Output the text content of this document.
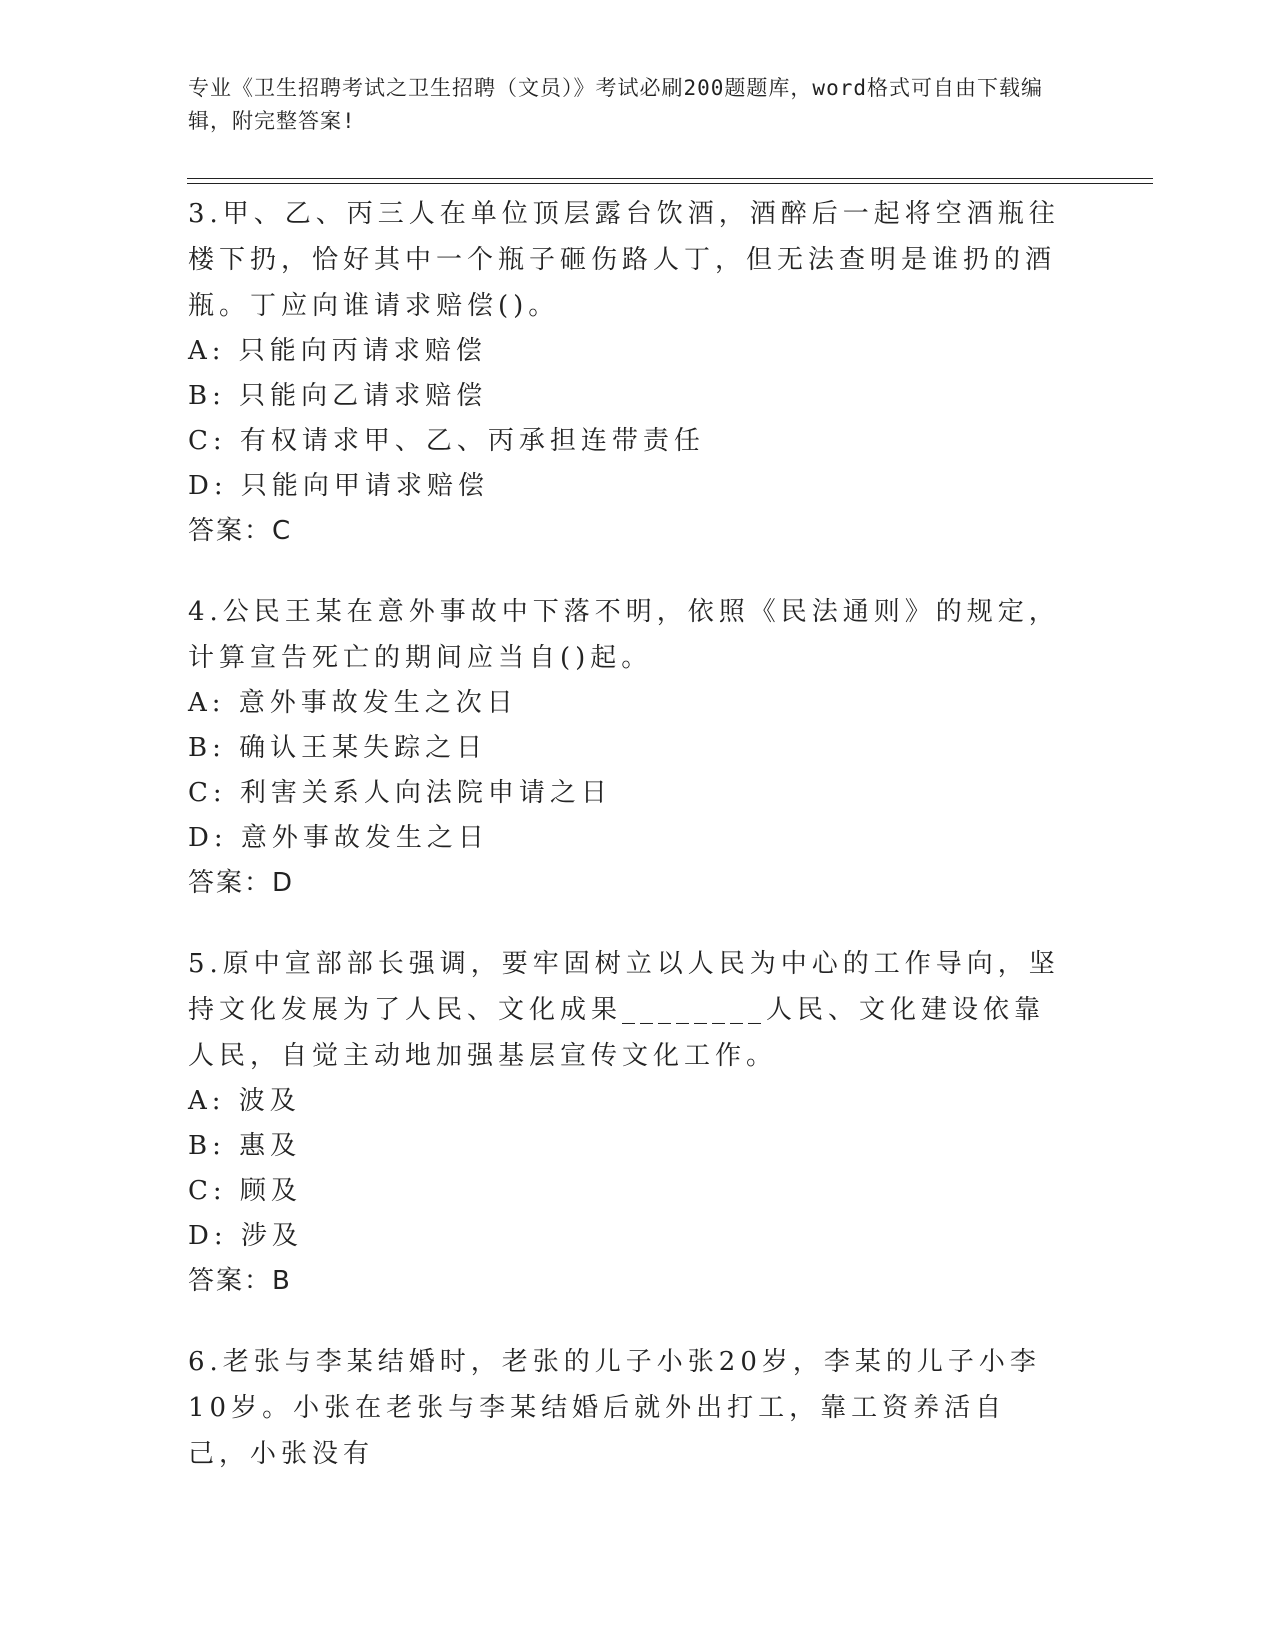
专业《卫生招聘考试之卫生招聘（文员）》考试必刷200题题库，word格式可自由下载编辑，附完整答案!
3.甲、乙、丙三人在单位顶层露台饮酒，酒醉后一起将空酒瓶往楼下扔，恰好其中一个瓶子砸伤路人丁，但无法查明是谁扔的酒瓶。丁应向谁请求赔偿()。
A: 只能向丙请求赔偿
B: 只能向乙请求赔偿
C: 有权请求甲、乙、丙承担连带责任
D: 只能向甲请求赔偿
答案：C
4.公民王某在意外事故中下落不明，依照《民法通则》的规定，计算宣告死亡的期间应当自()起。
A: 意外事故发生之次日
B: 确认王某失踪之日
C: 利害关系人向法院申请之日
D: 意外事故发生之日
答案：D
5.原中宣部部长强调，要牢固树立以人民为中心的工作导向，坚持文化发展为了人民、文化成果________人民、文化建设依靠人民，自觉主动地加强基层宣传文化工作。
A: 波及
B: 惠及
C: 顾及
D: 涉及
答案：B
6.老张与李某结婚时，老张的儿子小张20岁，李某的儿子小李10岁。小张在老张与李某结婚后就外出打工，靠工资养活自己，小张没有
